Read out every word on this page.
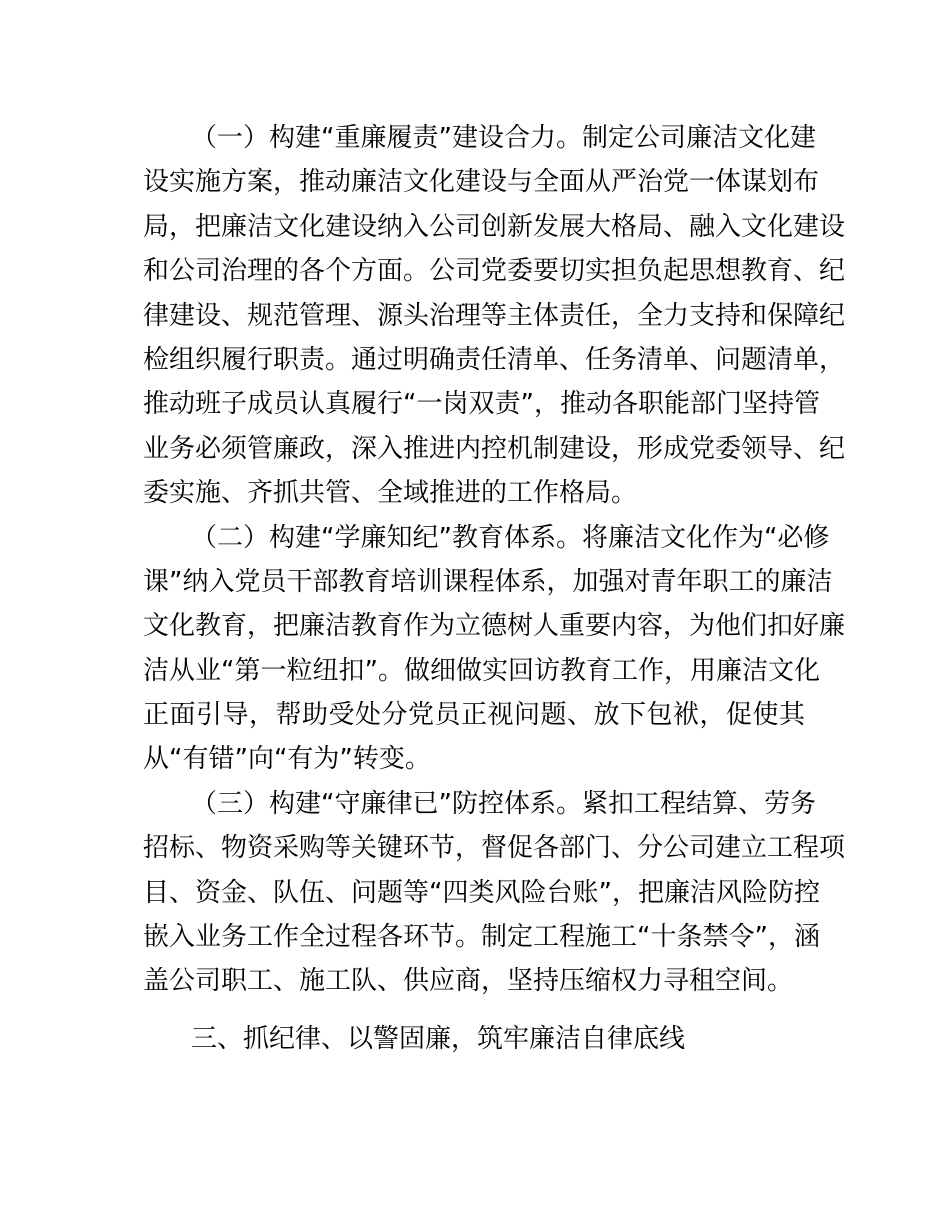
（一）构建“重廉履责”建设合力。制定公司廉洁文化建
设实施方案，推动廉洁文化建设与全面从严治党一体谋划布
局，把廉洁文化建设纳入公司创新发展大格局、融入文化建设
和公司治理的各个方面。公司党委要切实担负起思想教育、纪
律建设、规范管理、源头治理等主体责任，全力支持和保障纪
检组织履行职责。通过明确责任清单、任务清单、问题清单，
推动班子成员认真履行“一岗双责”，推动各职能部门坚持管
业务必须管廉政，深入推进内控机制建设，形成党委领导、纪
委实施、齐抓共管、全域推进的工作格局。
（二）构建“学廉知纪”教育体系。将廉洁文化作为“必修
课”纳入党员干部教育培训课程体系，加强对青年职工的廉洁
文化教育，把廉洁教育作为立德树人重要内容，为他们扣好廉
洁从业“第一粒纽扣”。做细做实回访教育工作，用廉洁文化
正面引导，帮助受处分党员正视问题、放下包袱，促使其
从“有错”向“有为”转变。
（三）构建“守廉律已”防控体系。紧扣工程结算、劳务
招标、物资采购等关键环节，督促各部门、分公司建立工程项
目、资金、队伍、问题等“四类风险台账”，把廉洁风险防控
嵌入业务工作全过程各环节。制定工程施工“十条禁令”，涵
盖公司职工、施工队、供应商，坚持压缩权力寻租空间。
三、抓纪律、以警固廉，筑牢廉洁自律底线
